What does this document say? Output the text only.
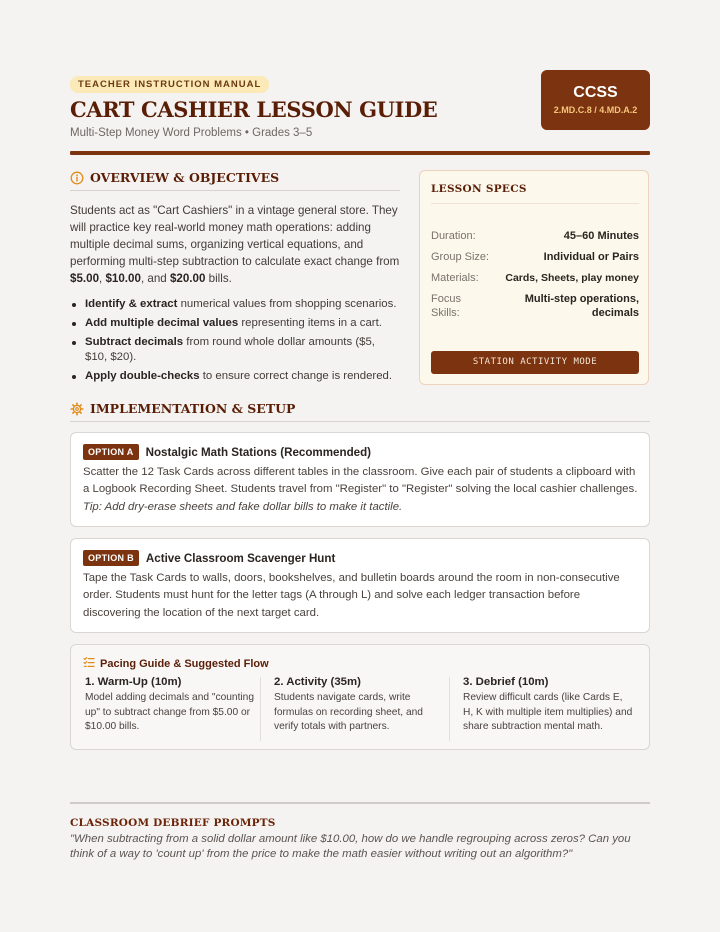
TEACHER INSTRUCTION MANUAL
CART CASHIER LESSON GUIDE
Multi-Step Money Word Problems • Grades 3–5
CCSS
2.MD.C.8 / 4.MD.A.2
OVERVIEW & OBJECTIVES

Students act as "Cart Cashiers" in a vintage general store. They will practice key real-world money math operations: adding multiple decimal sums, organizing vertical equations, and performing multi-step subtraction to calculate exact change from $5.00, $10.00, and $20.00 bills.

Identify & extract numerical values from shopping scenarios.
Add multiple decimal values representing items in a cart.
Subtract decimals from round whole dollar amounts ($5, $10, $20).
Apply double-checks to ensure correct change is rendered.
LESSON SPECS
Duration:	45–60 Minutes
Group Size:	Individual or Pairs
Materials:	Cards, Sheets, play money
Focus Skills:
Multi-step operations, decimals
STATION ACTIVITY MODE
IMPLEMENTATION & SETUP
OPTION A	Nostalgic Math Stations (Recommended)
Scatter the 12 Task Cards across different tables in the classroom. Give each pair of students a clipboard with a Logbook Recording Sheet. Students travel from "Register" to "Register" solving the local cashier challenges.
Tip: Add dry-erase sheets and fake dollar bills to make it tactile.
OPTION B	Active Classroom Scavenger Hunt
Tape the Task Cards to walls, doors, bookshelves, and bulletin boards around the room in non-consecutive order. Students must hunt for the letter tags (A through L) and solve each ledger transaction before discovering the location of the next target card.
Pacing Guide & Suggested Flow
1. Warm-Up (10m)
Model adding decimals and "counting up" to subtract change from $5.00 or $10.00 bills.
2. Activity (35m)
Students navigate cards, write formulas on recording sheet, and verify totals with partners.
3. Debrief (10m)
Review difficult cards (like Cards E, H, K with multiple item multiplies) and share subtraction mental math.
CLASSROOM DEBRIEF PROMPTS

"When subtracting from a solid dollar amount like $10.00, how do we handle regrouping across zeros? Can you think of a way to 'count up' from the price to make the math easier without writing out an algorithm?"
